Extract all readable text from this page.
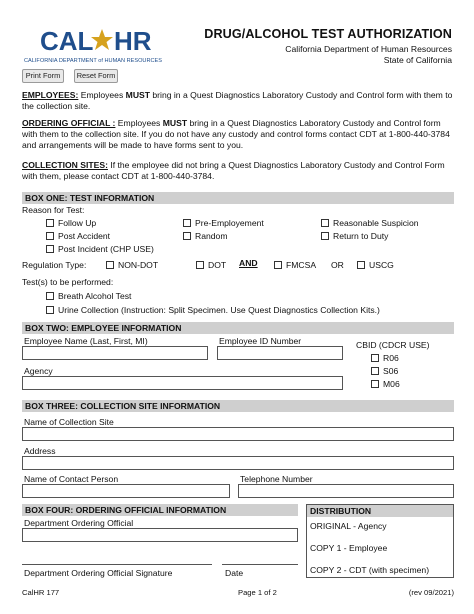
CAL HR
CALIFORNIA DEPARTMENT of HUMAN RESOURCES
DRUG/ALCOHOL TEST AUTHORIZATION
California Department of Human Resources
State of California
Print Form	Reset Form
EMPLOYEES: Employees MUST bring in a Quest Diagnostics Laboratory Custody and Control form with them to the collection site.
ORDERING OFFICIAL : Employees MUST bring in a Quest Diagnostics Laboratory Custody and Control form with them to the collection site. If you do not have any custody and control forms contact CDT at 1-800-440-3784 and arrangements will be made to have forms sent to you.
COLLECTION SITES: If the employee did not bring a Quest Diagnostics Laboratory Custody and Control Form with them, please contact CDT at 1-800-440-3784.
BOX ONE: TEST INFORMATION
Reason for Test:
Follow Up	Pre-Employement	Reasonable Suspicion
Post Accident	Random	Return to Duty
Post Incident (CHP USE)
Regulation Type:	NON-DOT	DOT AND	FMCSA OR	USCG
Test(s) to be performed:
Breath Alcohol Test
Urine Collection (Instruction: Split Specimen. Use Quest Diagnostics Collection Kits.)
BOX TWO: EMPLOYEE INFORMATION
Employee Name (Last, First, MI)	Employee ID Number
Agency
CBID (CDCR USE)
R06
S06
M06
BOX THREE: COLLECTION SITE INFORMATION
Name of Collection Site
Address
Name of Contact Person	Telephone Number
BOX FOUR: ORDERING OFFICIAL INFORMATION
Department Ordering Official
Department Ordering Official Signature	Date
DISTRIBUTION
ORIGINAL - Agency
COPY 1 - Employee
COPY 2 - CDT (with specimen)
CalHR 177	Page 1 of 2	(rev 09/2021)
